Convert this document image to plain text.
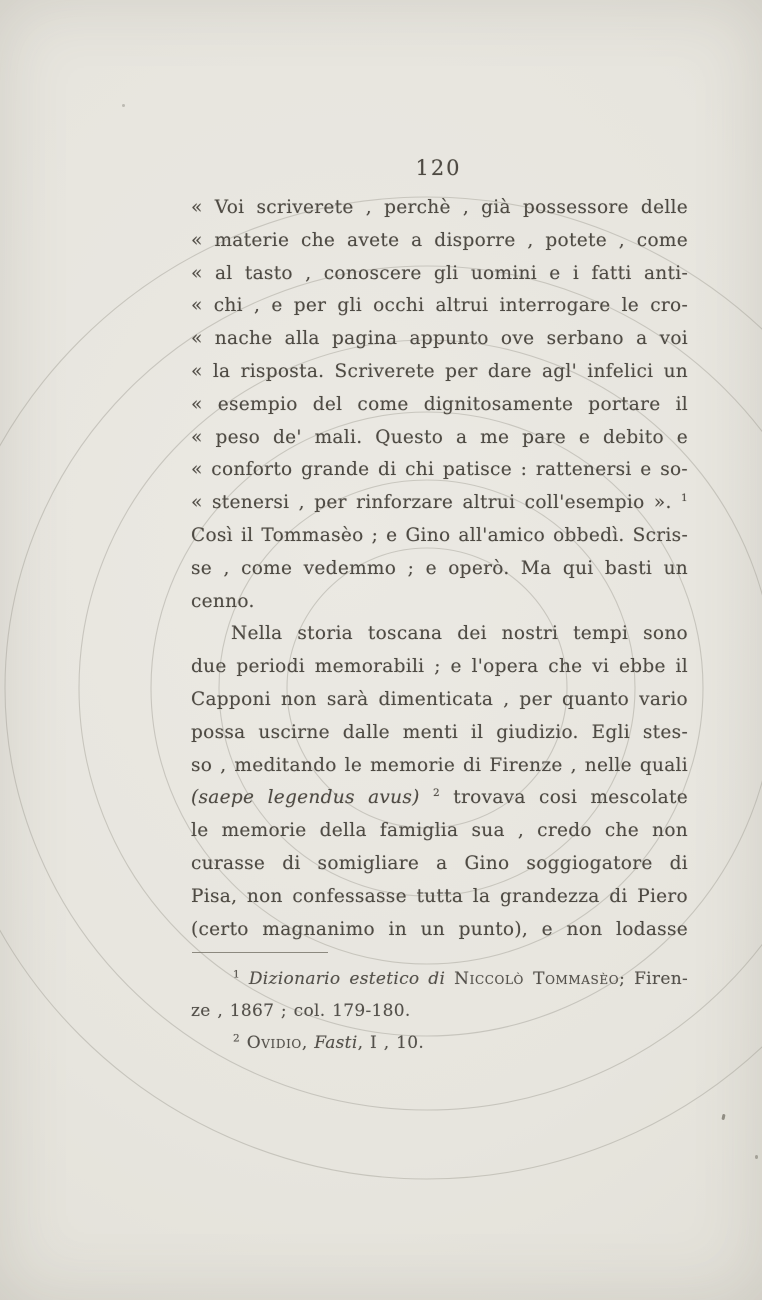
120
« Voi scriverete , perchè , già possessore delle
« materie che avete a disporre , potete , come
« al tasto , conoscere gli uomini e i fatti anti-
« chi , e per gli occhi altrui interrogare le cro-
« nache alla pagina appunto ove serbano a voi
« la risposta. Scriverete per dare agl' infelici un
« esempio del come dignitosamente portare il
« peso de' mali. Questo a me pare e debito e
« conforto grande di chi patisce : rattenersi e so-
« stenersi , per rinforzare altrui coll'esempio ». $^1$
Così il Tommasèo ; e Gino all'amico obbedì. Scris-
se , come vedemmo ; e operò. Ma qui basti un
cenno.
Nella storia toscana dei nostri tempi sono
due periodi memorabili ; e l'opera che vi ebbe il
Capponi non sarà dimenticata , per quanto vario
possa uscirne dalle menti il giudizio. Egli stes-
so , meditando le memorie di Firenze , nelle quali
(saepe legendus avus) $^2$ trovava cosi mescolate
le memorie della famiglia sua , credo che non
curasse di somigliare a Gino soggiogatore di
Pisa, non confessasse tutta la grandezza di Piero
(certo magnanimo in un punto), e non lodasse
$^1$ Dizionario estetico di Niccolò Tommasèo; Firen-
ze , 1867 ; col. 179-180.
$^2$ Ovidio, Fasti, I , 10.
